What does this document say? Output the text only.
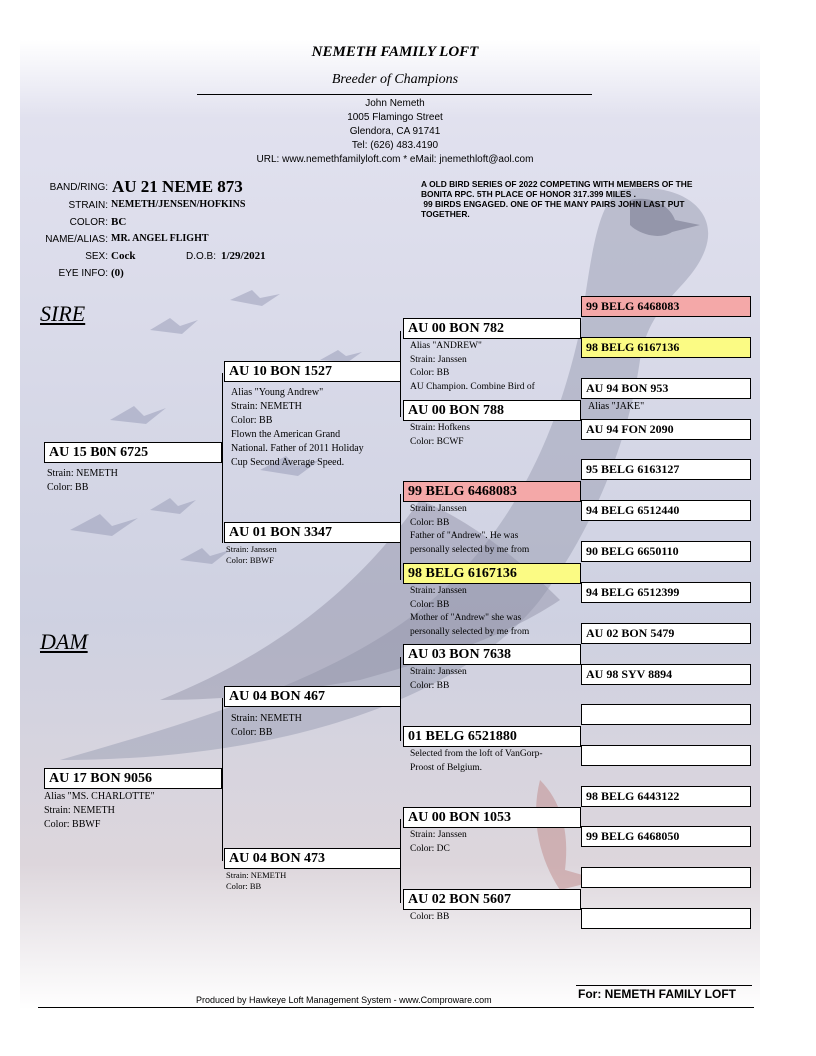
NEMETH FAMILY LOFT
Breeder of Champions
John Nemeth
1005 Flamingo Street
Glendora, CA 91741
Tel: (626) 483.4190
URL: www.nemethfamilyloft.com * eMail: jnemethloft@aol.com
BAND/RING: AU 21 NEME 873
STRAIN: NEMETH/JENSEN/HOFKINS
COLOR: BC
NAME/ALIAS: MR. ANGEL FLIGHT
SEX: Cock	D.O.B: 1/29/2021
EYE INFO: (0)
A OLD BIRD SERIES OF 2022 COMPETING WITH MEMBERS OF THE
BONITA RPC. 5TH PLACE OF HONOR 317.399 MILES .
99 BIRDS ENGAGED. ONE OF THE MANY PAIRS JOHN LAST PUT
TOGETHER.
SIRE
DAM
AU 15 B0N 6725
Strain: NEMETH
Color: BB
AU 17 BON 9056
Alias "MS. CHARLOTTE"
Strain: NEMETH
Color: BBWF
AU 10 BON 1527
Alias "Young Andrew"
Strain: NEMETH
Color: BB
Flown the American Grand
National. Father of 2011 Holiday
Cup Second Average Speed.
AU 01 BON 3347
Strain: Janssen
Color: BBWF
AU 04 BON 467
Strain: NEMETH
Color: BB
AU 04 BON 473
Strain: NEMETH
Color: BB
AU 00 BON 782
Alias "ANDREW"
Strain: Janssen
Color: BB
AU Champion. Combine Bird of
AU 00 BON 788
Strain: Hofkens
Color: BCWF
99 BELG 6468083
Strain: Janssen
Color: BB
Father of "Andrew". He was
personally selected by me from
98 BELG 6167136
Strain: Janssen
Color: BB
Mother of "Andrew" she was
personally selected by me from
AU 03 BON 7638
Strain: Janssen
Color: BB
01 BELG 6521880
Selected from the loft of VanGorp-
Proost of Belgium.
AU 00 BON 1053
Strain: Janssen
Color: DC
AU 02 BON 5607
Color: BB
99 BELG 6468083
98 BELG 6167136
AU 94 BON 953
Alias "JAKE"
AU 94 FON 2090
95 BELG 6163127
94 BELG 6512440
90 BELG 6650110
94 BELG 6512399
AU 02 BON 5479
AU 98 SYV 8894
98 BELG 6443122
99 BELG 6468050
Produced by Hawkeye Loft Management System - www.Comproware.com	For: NEMETH FAMILY LOFT
